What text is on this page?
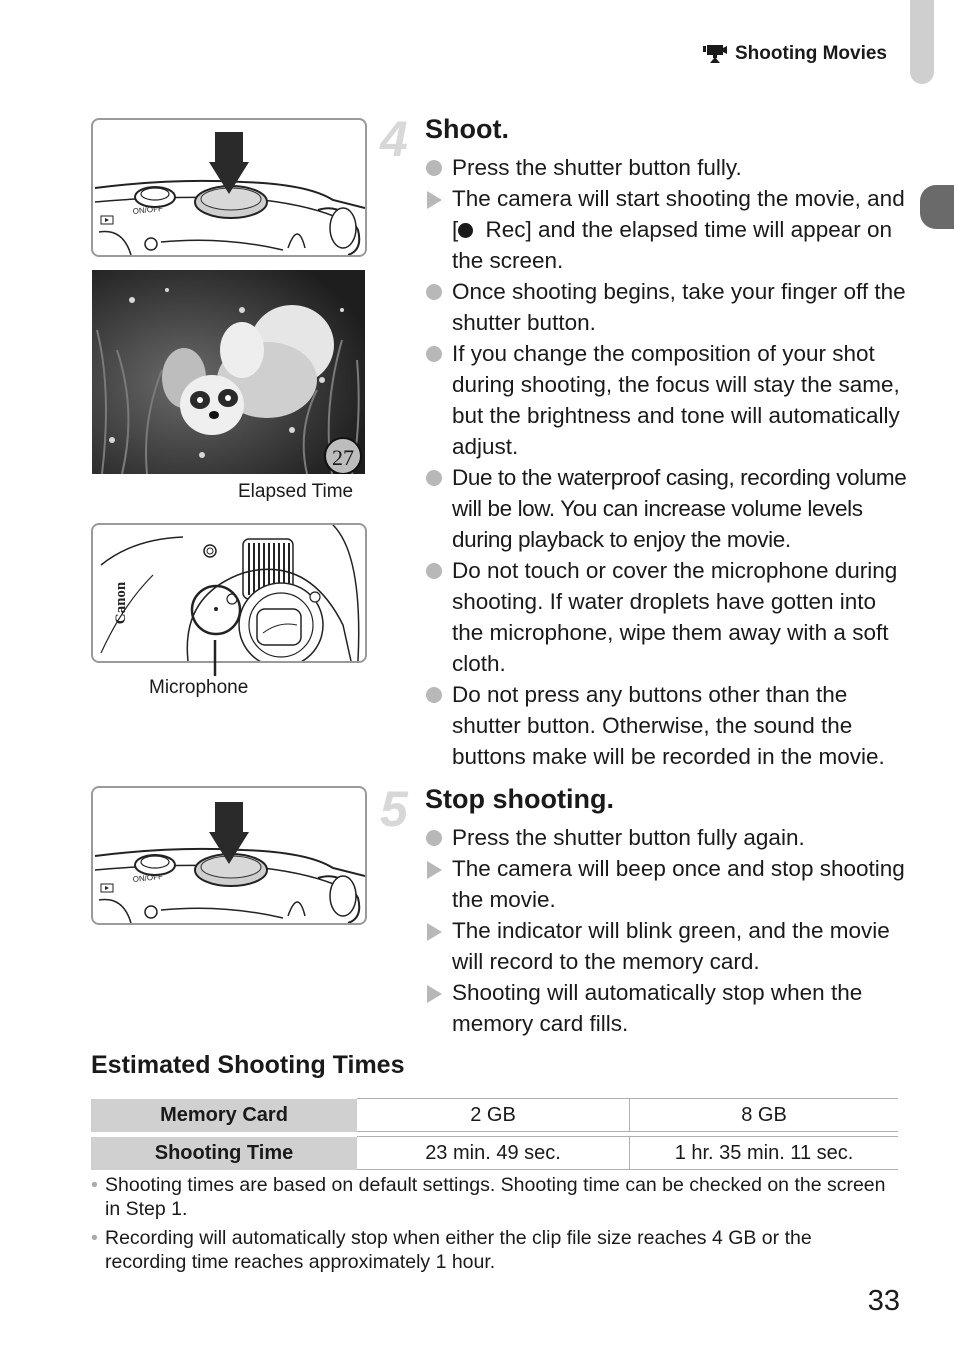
Shooting Movies
ON/OFF
27
Elapsed Time
Canon
Microphone
4 Shoot.
Press the shutter button fully.
The camera will start shooting the movie, and [ Rec] and the elapsed time will appear on the screen.
Once shooting begins, take your finger off the shutter button.
If you change the composition of your shot during shooting, the focus will stay the same, but the brightness and tone will automatically adjust.
Due to the waterproof casing, recording volume will be low. You can increase volume levels during playback to enjoy the movie.
Do not touch or cover the microphone during shooting. If water droplets have gotten into the microphone, wipe them away with a soft cloth.
Do not press any buttons other than the shutter button. Otherwise, the sound the buttons make will be recorded in the movie.
ON/OFF
5 Stop shooting.
Press the shutter button fully again.
The camera will beep once and stop shooting the movie.
The indicator will blink green, and the movie will record to the memory card.
Shooting will automatically stop when the memory card fills.
Estimated Shooting Times
Memory Card	2 GB	8 GB

Shooting Time	23 min. 49 sec.	1 hr. 35 min. 11 sec.
• Shooting times are based on default settings. Shooting time can be checked on the screen in Step 1.
• Recording will automatically stop when either the clip file size reaches 4 GB or the recording time reaches approximately 1 hour.
33
